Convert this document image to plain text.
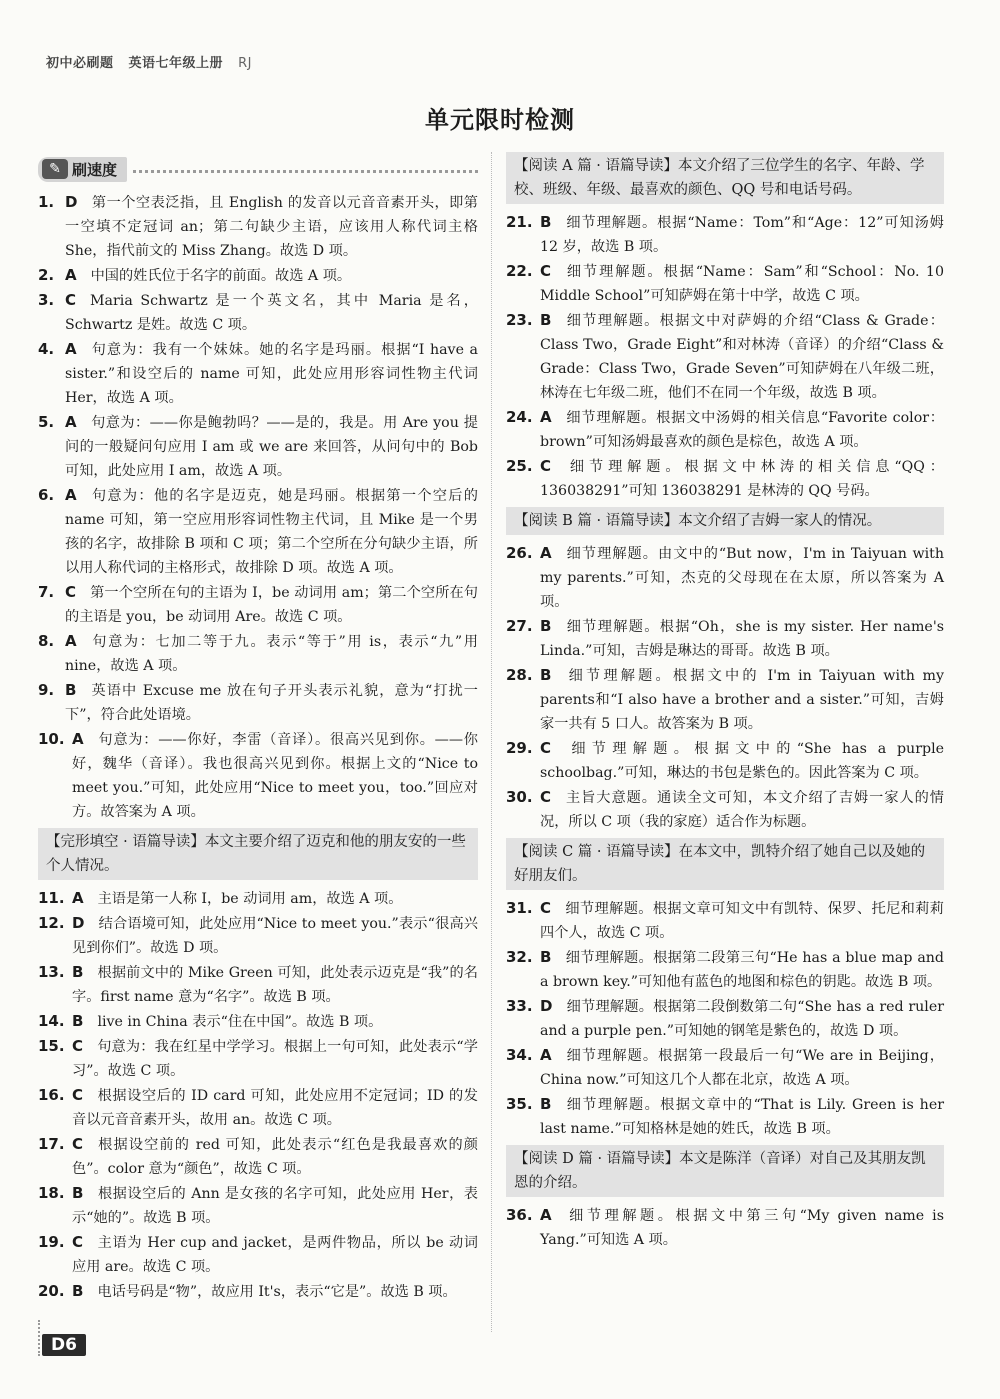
初中必刷题 英语七年级上册 RJ
单元限时检测
✎ 刷速度
1. D 第一个空表泛指，且 English 的发音以元音音素开头，即第一空填不定冠词 an；第二句缺少主语，应该用人称代词主格 She，指代前文的 Miss Zhang。故选 D 项。
2. A 中国的姓氏位于名字的前面。故选 A 项。
3. C Maria Schwartz 是一个英文名，其中 Maria 是名，Schwartz 是姓。故选 C 项。
4. A 句意为：我有一个妹妹。她的名字是玛丽。根据“I have a sister.”和设空后的 name 可知，此处应用形容词性物主代词 Her，故选 A 项。
5. A 句意为：——你是鲍勃吗？——是的，我是。用 Are you 提问的一般疑问句应用 I am 或 we are 来回答，从问句中的 Bob 可知，此处应用 I am，故选 A 项。
6. A 句意为：他的名字是迈克，她是玛丽。根据第一个空后的 name 可知，第一空应用形容词性物主代词，且 Mike 是一个男孩的名字，故排除 B 项和 C 项；第二个空所在分句缺少主语，所以用人称代词的主格形式，故排除 D 项。故选 A 项。
7. C 第一个空所在句的主语为 I，be 动词用 am；第二个空所在句的主语是 you，be 动词用 Are。故选 C 项。
8. A 句意为：七加二等于九。表示“等于”用 is，表示“九”用 nine，故选 A 项。
9. B 英语中 Excuse me 放在句子开头表示礼貌，意为“打扰一下”，符合此处语境。
10. A 句意为：——你好，李雷（音译）。很高兴见到你。——你好，魏华（音译）。我也很高兴见到你。根据上文的“Nice to meet you.”可知，此处应用“Nice to meet you，too.”回应对方。故答案为 A 项。
【完形填空 · 语篇导读】本文主要介绍了迈克和他的朋友安的一些个人情况。
11. A 主语是第一人称 I，be 动词用 am，故选 A 项。
12. D 结合语境可知，此处应用“Nice to meet you.”表示“很高兴见到你们”。故选 D 项。
13. B 根据前文中的 Mike Green 可知，此处表示迈克是“我”的名字。first name 意为“名字”。故选 B 项。
14. B live in China 表示“住在中国”。故选 B 项。
15. C 句意为：我在红星中学学习。根据上一句可知，此处表示“学习”。故选 C 项。
16. C 根据设空后的 ID card 可知，此处应用不定冠词；ID 的发音以元音音素开头，故用 an。故选 C 项。
17. C 根据设空前的 red 可知，此处表示“红色是我最喜欢的颜色”。color 意为“颜色”，故选 C 项。
18. B 根据设空后的 Ann 是女孩的名字可知，此处应用 Her，表示“她的”。故选 B 项。
19. C 主语为 Her cup and jacket，是两件物品，所以 be 动词应用 are。故选 C 项。
20. B 电话号码是“物”，故应用 It's，表示“它是”。故选 B 项。
【阅读 A 篇 · 语篇导读】本文介绍了三位学生的名字、年龄、学校、班级、年级、最喜欢的颜色、QQ 号和电话号码。
21. B 细节理解题。根据“Name：Tom”和“Age：12”可知汤姆 12 岁，故选 B 项。
22. C 细节理解题。根据“Name：Sam”和“School：No. 10 Middle School”可知萨姆在第十中学，故选 C 项。
23. B 细节理解题。根据文中对萨姆的介绍“Class & Grade：Class Two，Grade Eight”和对林涛（音译）的介绍“Class & Grade：Class Two，Grade Seven”可知萨姆在八年级二班，林涛在七年级二班，他们不在同一个年级，故选 B 项。
24. A 细节理解题。根据文中汤姆的相关信息“Favorite color：brown”可知汤姆最喜欢的颜色是棕色，故选 A 项。
25. C 细节理解题。根据文中林涛的相关信息“QQ：136038291”可知 136038291 是林涛的 QQ 号码。
【阅读 B 篇 · 语篇导读】本文介绍了吉姆一家人的情况。
26. A 细节理解题。由文中的“But now，I'm in Taiyuan with my parents.”可知，杰克的父母现在在太原，所以答案为 A 项。
27. B 细节理解题。根据“Oh，she is my sister. Her name's Linda.”可知，吉姆是琳达的哥哥。故选 B 项。
28. B 细节理解题。根据文中的 I'm in Taiyuan with my parents和“I also have a brother and a sister.”可知，吉姆家一共有 5 口人。故答案为 B 项。
29. C 细节理解题。根据文中的“She has a purple schoolbag.”可知，琳达的书包是紫色的。因此答案为 C 项。
30. C 主旨大意题。通读全文可知，本文介绍了吉姆一家人的情况，所以 C 项（我的家庭）适合作为标题。
【阅读 C 篇 · 语篇导读】在本文中，凯特介绍了她自己以及她的好朋友们。
31. C 细节理解题。根据文章可知文中有凯特、保罗、托尼和莉莉四个人，故选 C 项。
32. B 细节理解题。根据第二段第三句“He has a blue map and a brown key.”可知他有蓝色的地图和棕色的钥匙。故选 B 项。
33. D 细节理解题。根据第二段倒数第二句“She has a red ruler and a purple pen.”可知她的钢笔是紫色的，故选 D 项。
34. A 细节理解题。根据第一段最后一句“We are in Beijing，China now.”可知这几个人都在北京，故选 A 项。
35. B 细节理解题。根据文章中的“That is Lily. Green is her last name.”可知格林是她的姓氏，故选 B 项。
【阅读 D 篇 · 语篇导读】本文是陈洋（音译）对自己及其朋友凯恩的介绍。
36. A 细节理解题。根据文中第三句“My given name is Yang.”可知选 A 项。
D6
